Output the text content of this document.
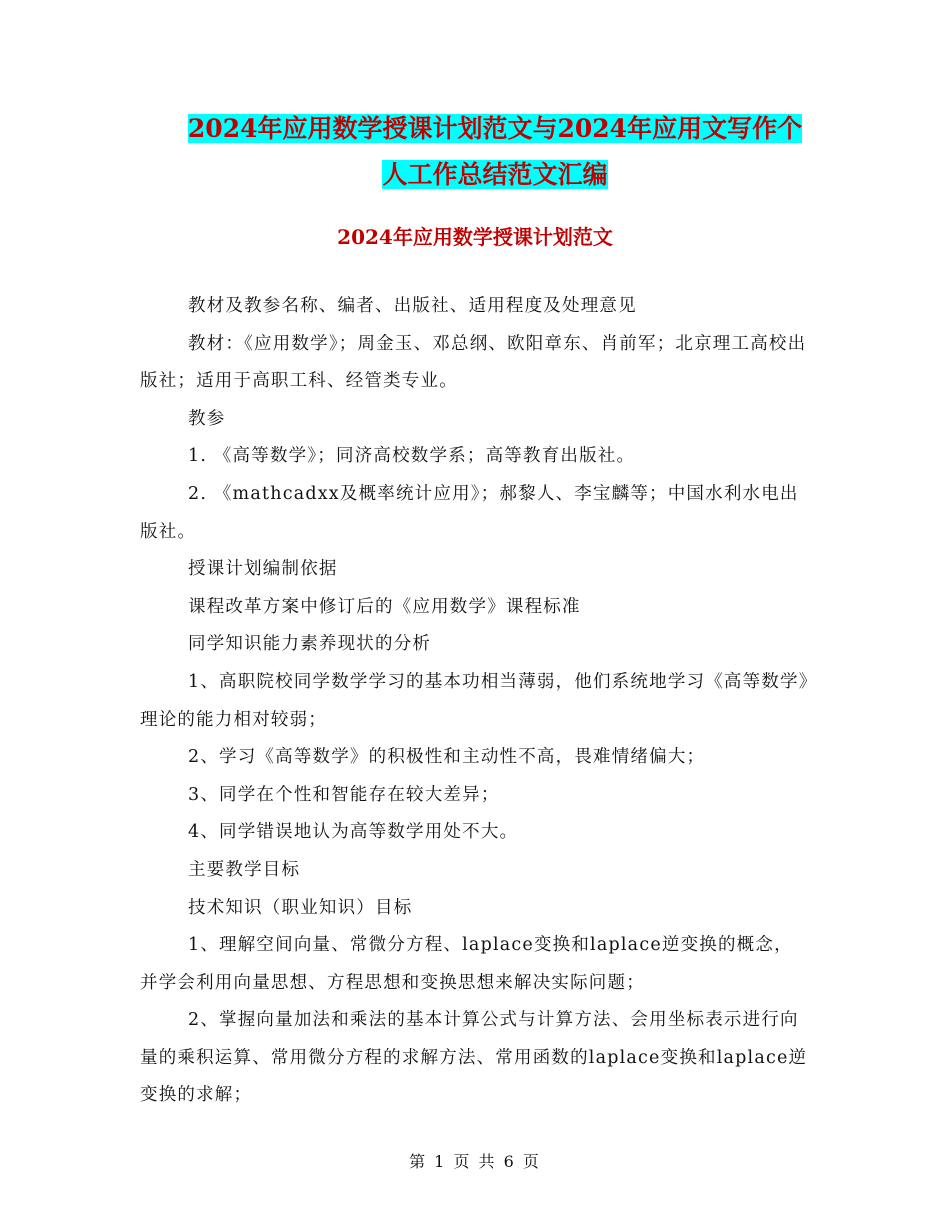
2024年应用数学授课计划范文与2024年应用文写作个
人工作总结范文汇编
2024年应用数学授课计划范文

教材及教参名称、编者、出版社、适用程度及处理意见

教材：《应用数学》；周金玉、邓总纲、欧阳章东、肖前军；北京理工高校出版社；适用于高职工科、经管类专业。

教参

1. 《高等数学》；同济高校数学系；高等教育出版社。

2. 《mathcadxx及概率统计应用》；郝黎人、李宝麟等；中国水利水电出版社。

授课计划编制依据

课程改革方案中修订后的《应用数学》课程标准

同学知识能力素养现状的分析

1、高职院校同学数学学习的基本功相当薄弱，他们系统地学习《高等数学》理论的能力相对较弱；

2、学习《高等数学》的积极性和主动性不高，畏难情绪偏大；

3、同学在个性和智能存在较大差异；

4、同学错误地认为高等数学用处不大。

主要教学目标

技术知识（职业知识）目标

1、理解空间向量、常微分方程、laplace变换和laplace逆变换的概念，并学会利用向量思想、方程思想和变换思想来解决实际问题；

2、掌握向量加法和乘法的基本计算公式与计算方法、会用坐标表示进行向量的乘积运算、常用微分方程的求解方法、常用函数的laplace变换和laplace逆变换的求解；

第 1 页 共 6 页
